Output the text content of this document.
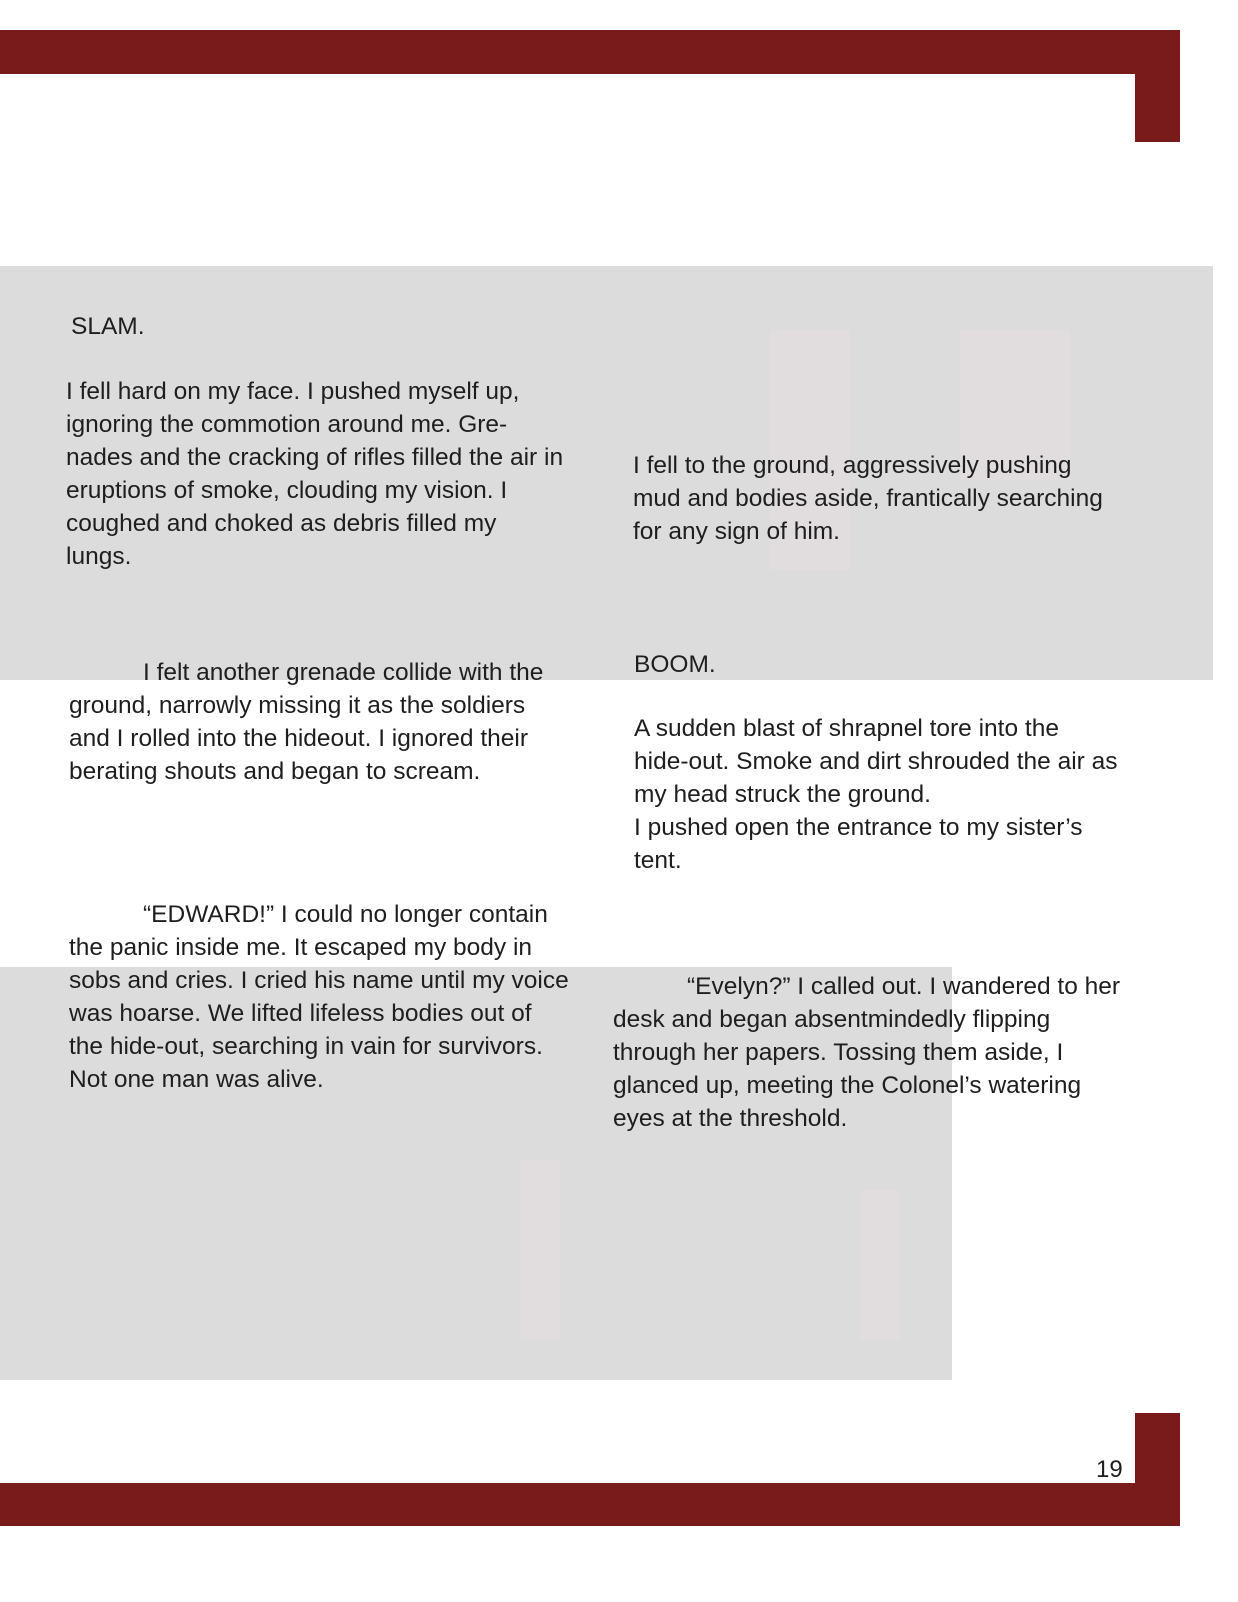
SLAM.

I fell hard on my face. I pushed myself up,
ignoring the commotion around me. Gre-
nades and the cracking of rifles filled the air in
eruptions of smoke, clouding my vision. I
coughed and choked as debris filled my
lungs.

I fell to the ground, aggressively pushing
mud and bodies aside, frantically searching
for any sign of him.

I felt another grenade collide with the
ground, narrowly missing it as the soldiers
and I rolled into the hideout. I ignored their
berating shouts and began to scream.

BOOM.

A sudden blast of shrapnel tore into the
hide-out. Smoke and dirt shrouded the air as
my head struck the ground.
I pushed open the entrance to my sister’s
tent.

“EDWARD!” I could no longer contain
the panic inside me. It escaped my body in
sobs and cries. I cried his name until my voice
was hoarse. We lifted lifeless bodies out of
the hide-out, searching in vain for survivors.
Not one man was alive.

“Evelyn?” I called out. I wandered to her
desk and began absentmindedly flipping
through her papers. Tossing them aside, I
glanced up, meeting the Colonel’s watering
eyes at the threshold.

19
